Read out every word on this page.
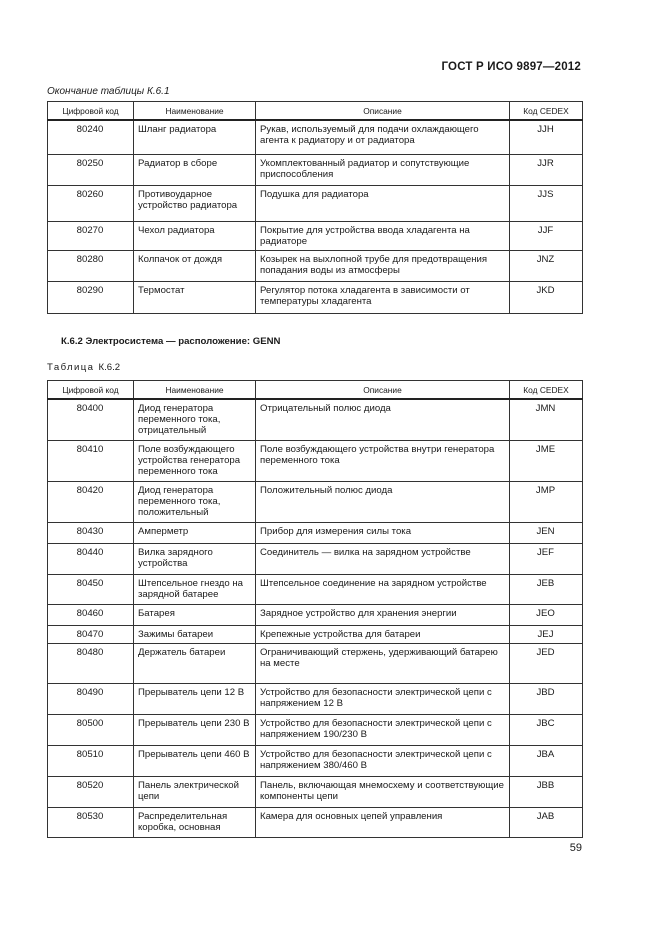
ГОСТ Р ИСО 9897—2012
Окончание таблицы К.6.1
Цифровой код	Наименование	Описание	Код CEDEX
80240	Шланг радиатора	Рукав, используемый для подачи охлаждающего агента к радиатору и от радиатора	JJH
80250	Радиатор в сборе	Укомплектованный радиатор и сопутствующие приспособления	JJR
80260	Противоударное устройство радиатора	Подушка для радиатора	JJS
80270	Чехол радиатора	Покрытие для устройства ввода хладагента на радиаторе	JJF
80280	Колпачок от дождя	Козырек на выхлопной трубе для предотвращения попадания воды из атмосферы	JNZ
80290	Термостат	Регулятор потока хладагента в зависимости от температуры хладагента	JKD
К.6.2 Электросистема — расположение: GENN
Таблица К.6.2
Цифровой код	Наименование	Описание	Код CEDEX
80400	Диод генератора переменного тока, отрицательный	Отрицательный полюс диода	JMN
80410	Поле возбуждающего устройства генератора переменного тока	Поле возбуждающего устройства внутри генератора переменного тока	JME
80420	Диод генератора переменного тока, положительный	Положительный полюс диода	JMP
80430	Амперметр	Прибор для измерения силы тока	JEN
80440	Вилка зарядного устройства	Соединитель — вилка на зарядном устройстве	JEF
80450	Штепсельное гнездо на зарядной батарее	Штепсельное соединение на зарядном устройстве	JEB
80460	Батарея	Зарядное устройство для хранения энергии	JEO
80470	Зажимы батареи	Крепежные устройства для батареи	JEJ
80480	Держатель батареи	Ограничивающий стержень, удерживающий батарею на месте	JED
80490	Прерыватель цепи 12 В	Устройство для безопасности электрической цепи с напряжением 12 В	JBD
80500	Прерыватель цепи 230 В	Устройство для безопасности электрической цепи с напряжением 190/230 В	JBC
80510	Прерыватель цепи 460 В	Устройство для безопасности электрической цепи с напряжением 380/460 В	JBA
80520	Панель электрической цепи	Панель, включающая мнемосхему и соответствующие компоненты цепи	JBB
80530	Распределительная коробка, основная	Камера для основных цепей управления	JAB
59
